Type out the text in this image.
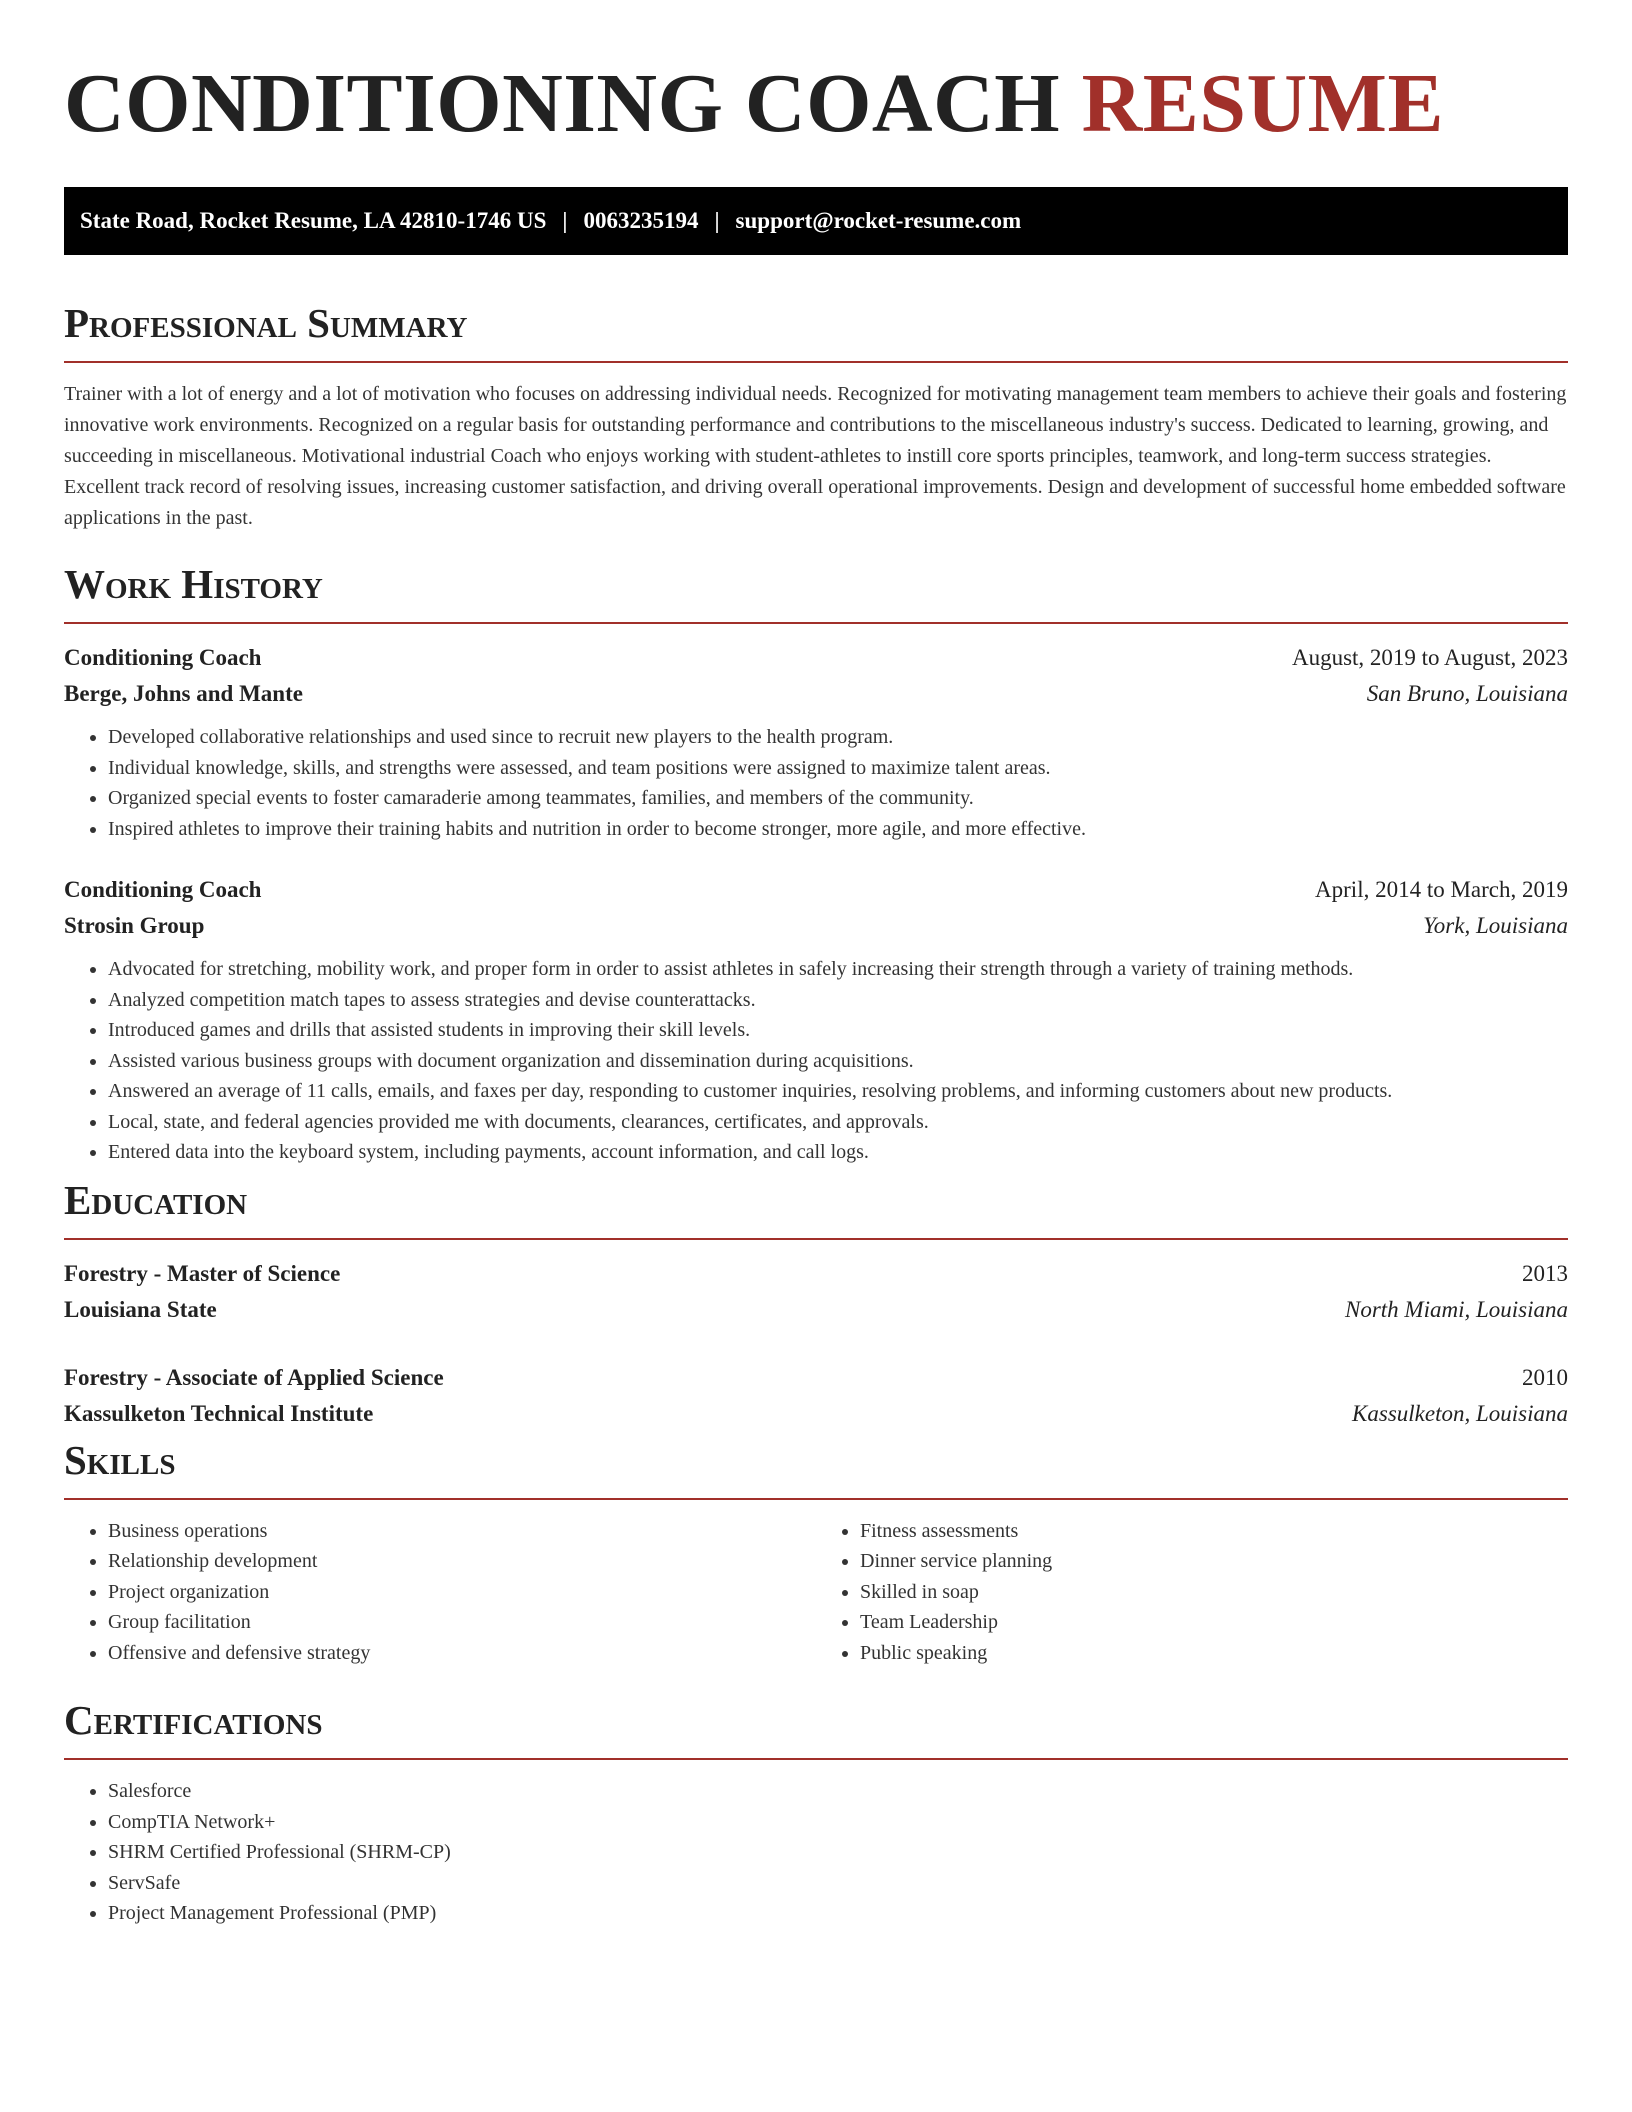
CONDITIONING COACH RESUME
State Road, Rocket Resume, LA 42810-1746 US | 0063235194 | support@rocket-resume.com
Professional Summary

Trainer with a lot of energy and a lot of motivation who focuses on addressing individual needs. Recognized for motivating management team members to achieve their goals and fostering innovative work environments. Recognized on a regular basis for outstanding performance and contributions to the miscellaneous industry's success. Dedicated to learning, growing, and succeeding in miscellaneous. Motivational industrial Coach who enjoys working with student-athletes to instill core sports principles, teamwork, and long-term success strategies. Excellent track record of resolving issues, increasing customer satisfaction, and driving overall operational improvements. Design and development of successful home embedded software applications in the past.

Work History
Conditioning Coach	August, 2019 to August, 2023
Berge, Johns and Mante	San Bruno, Louisiana
• Developed collaborative relationships and used since to recruit new players to the health program.
• Individual knowledge, skills, and strengths were assessed, and team positions were assigned to maximize talent areas.
• Organized special events to foster camaraderie among teammates, families, and members of the community.
• Inspired athletes to improve their training habits and nutrition in order to become stronger, more agile, and more effective.
Conditioning Coach	April, 2014 to March, 2019
Strosin Group	York, Louisiana
• Advocated for stretching, mobility work, and proper form in order to assist athletes in safely increasing their strength through a variety of training methods.
• Analyzed competition match tapes to assess strategies and devise counterattacks.
• Introduced games and drills that assisted students in improving their skill levels.
• Assisted various business groups with document organization and dissemination during acquisitions.
• Answered an average of 11 calls, emails, and faxes per day, responding to customer inquiries, resolving problems, and informing customers about new products.
• Local, state, and federal agencies provided me with documents, clearances, certificates, and approvals.
• Entered data into the keyboard system, including payments, account information, and call logs.
Education
Forestry - Master of Science	2013
Louisiana State	North Miami, Louisiana
Forestry - Associate of Applied Science	2010
Kassulketon Technical Institute	Kassulketon, Louisiana
Skills
• Business operations
• Relationship development
• Project organization
• Group facilitation
• Offensive and defensive strategy
• Fitness assessments
• Dinner service planning
• Skilled in soap
• Team Leadership
• Public speaking
Certifications
• Salesforce
• CompTIA Network+
• SHRM Certified Professional (SHRM-CP)
• ServSafe
• Project Management Professional (PMP)
